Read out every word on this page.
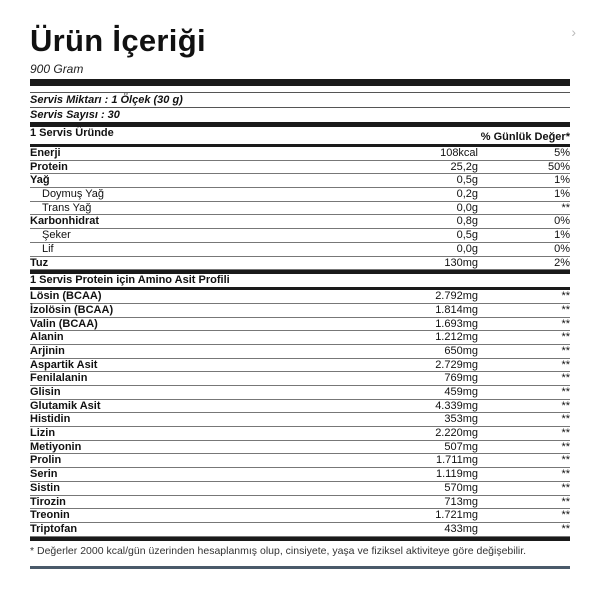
›
Ürün İçeriği
900 Gram
Servis Miktarı : 1 Ölçek (30 g)
Servis Sayısı : 30
1 Servis Üründe	% Günlük Değer*
Enerji	108kcal	5%
Protein	25,2g	50%
Yağ	0,5g	1%
Doymuş Yağ	0,2g	1%
Trans Yağ	0,0g	**
Karbonhidrat	0,8g	0%
Şeker	0,5g	1%
Lif	0,0g	0%
Tuz	130mg	2%
1 Servis Protein için Amino Asit Profili
Lösin (BCAA)	2.792mg	**
İzolösin (BCAA)	1.814mg	**
Valin (BCAA)	1.693mg	**
Alanin	1.212mg	**
Arjinin	650mg	**
Aspartik Asit	2.729mg	**
Fenilalanin	769mg	**
Glisin	459mg	**
Glutamik Asit	4.339mg	**
Histidin	353mg	**
Lizin	2.220mg	**
Metiyonin	507mg	**
Prolin	1.711mg	**
Serin	1.119mg	**
Sistin	570mg	**
Tirozin	713mg	**
Treonin	1.721mg	**
Triptofan	433mg	**
* Değerler 2000 kcal/gün üzerinden hesaplanmış olup, cinsiyete, yaşa ve fiziksel aktiviteye göre değişebilir.
